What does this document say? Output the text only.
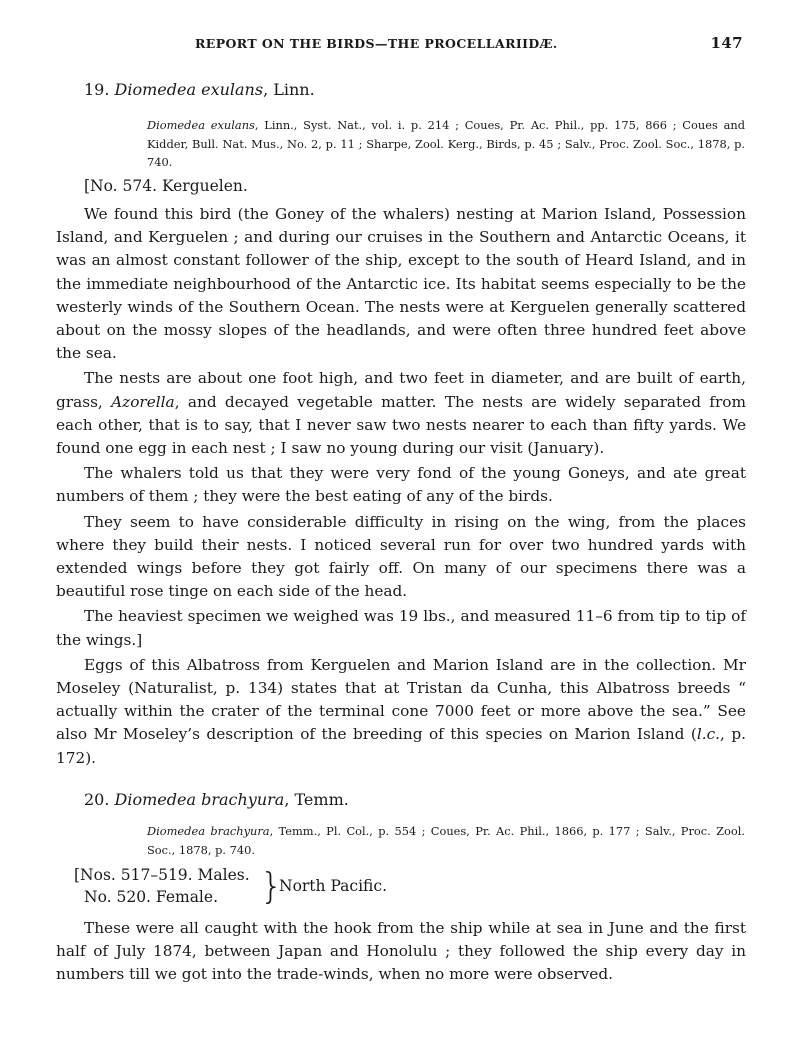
REPORT ON THE BIRDS—THE PROCELLARIIDÆ.	147
19. Diomedea exulans, Linn.
Diomedea exulans, Linn., Syst. Nat., vol. i. p. 214 ; Coues, Pr. Ac. Phil., pp. 175, 866 ; Coues and Kidder, Bull. Nat. Mus., No. 2, p. 11 ; Sharpe, Zool. Kerg., Birds, p. 45 ; Salv., Proc. Zool. Soc., 1878, p. 740.
[No. 574. Kerguelen.

We found this bird (the Goney of the whalers) nesting at Marion Island, Possession Island, and Kerguelen ; and during our cruises in the Southern and Antarctic Oceans, it was an almost constant follower of the ship, except to the south of Heard Island, and in the immediate neighbourhood of the Antarctic ice. Its habitat seems especially to be the westerly winds of the Southern Ocean. The nests were at Kerguelen generally scattered about on the mossy slopes of the headlands, and were often three hundred feet above the sea.

The nests are about one foot high, and two feet in diameter, and are built of earth, grass, Azorella, and decayed vegetable matter. The nests are widely separated from each other, that is to say, that I never saw two nests nearer to each than fifty yards. We found one egg in each nest ; I saw no young during our visit (January).

The whalers told us that they were very fond of the young Goneys, and ate great numbers of them ; they were the best eating of any of the birds.

They seem to have considerable difficulty in rising on the wing, from the places where they build their nests. I noticed several run for over two hundred yards with extended wings before they got fairly off. On many of our specimens there was a beautiful rose tinge on each side of the head.

The heaviest specimen we weighed was 19 lbs., and measured 11–6 from tip to tip of the wings.]

Eggs of this Albatross from Kerguelen and Marion Island are in the collection. Mr Moseley (Naturalist, p. 134) states that at Tristan da Cunha, this Albatross breeds “ actually within the crater of the terminal cone 7000 feet or more above the sea.” See also Mr Moseley’s description of the breeding of this species on Marion Island (l.c., p. 172).

20. Diomedea brachyura, Temm.
Diomedea brachyura, Temm., Pl. Col., p. 554 ; Coues, Pr. Ac. Phil., 1866, p. 177 ; Salv., Proc. Zool. Soc., 1878, p. 740.
[Nos. 517–519. Males.
No. 520. Female. }
North Pacific.

These were all caught with the hook from the ship while at sea in June and the first half of July 1874, between Japan and Honolulu ; they followed the ship every day in numbers till we got into the trade-winds, when no more were observed.
